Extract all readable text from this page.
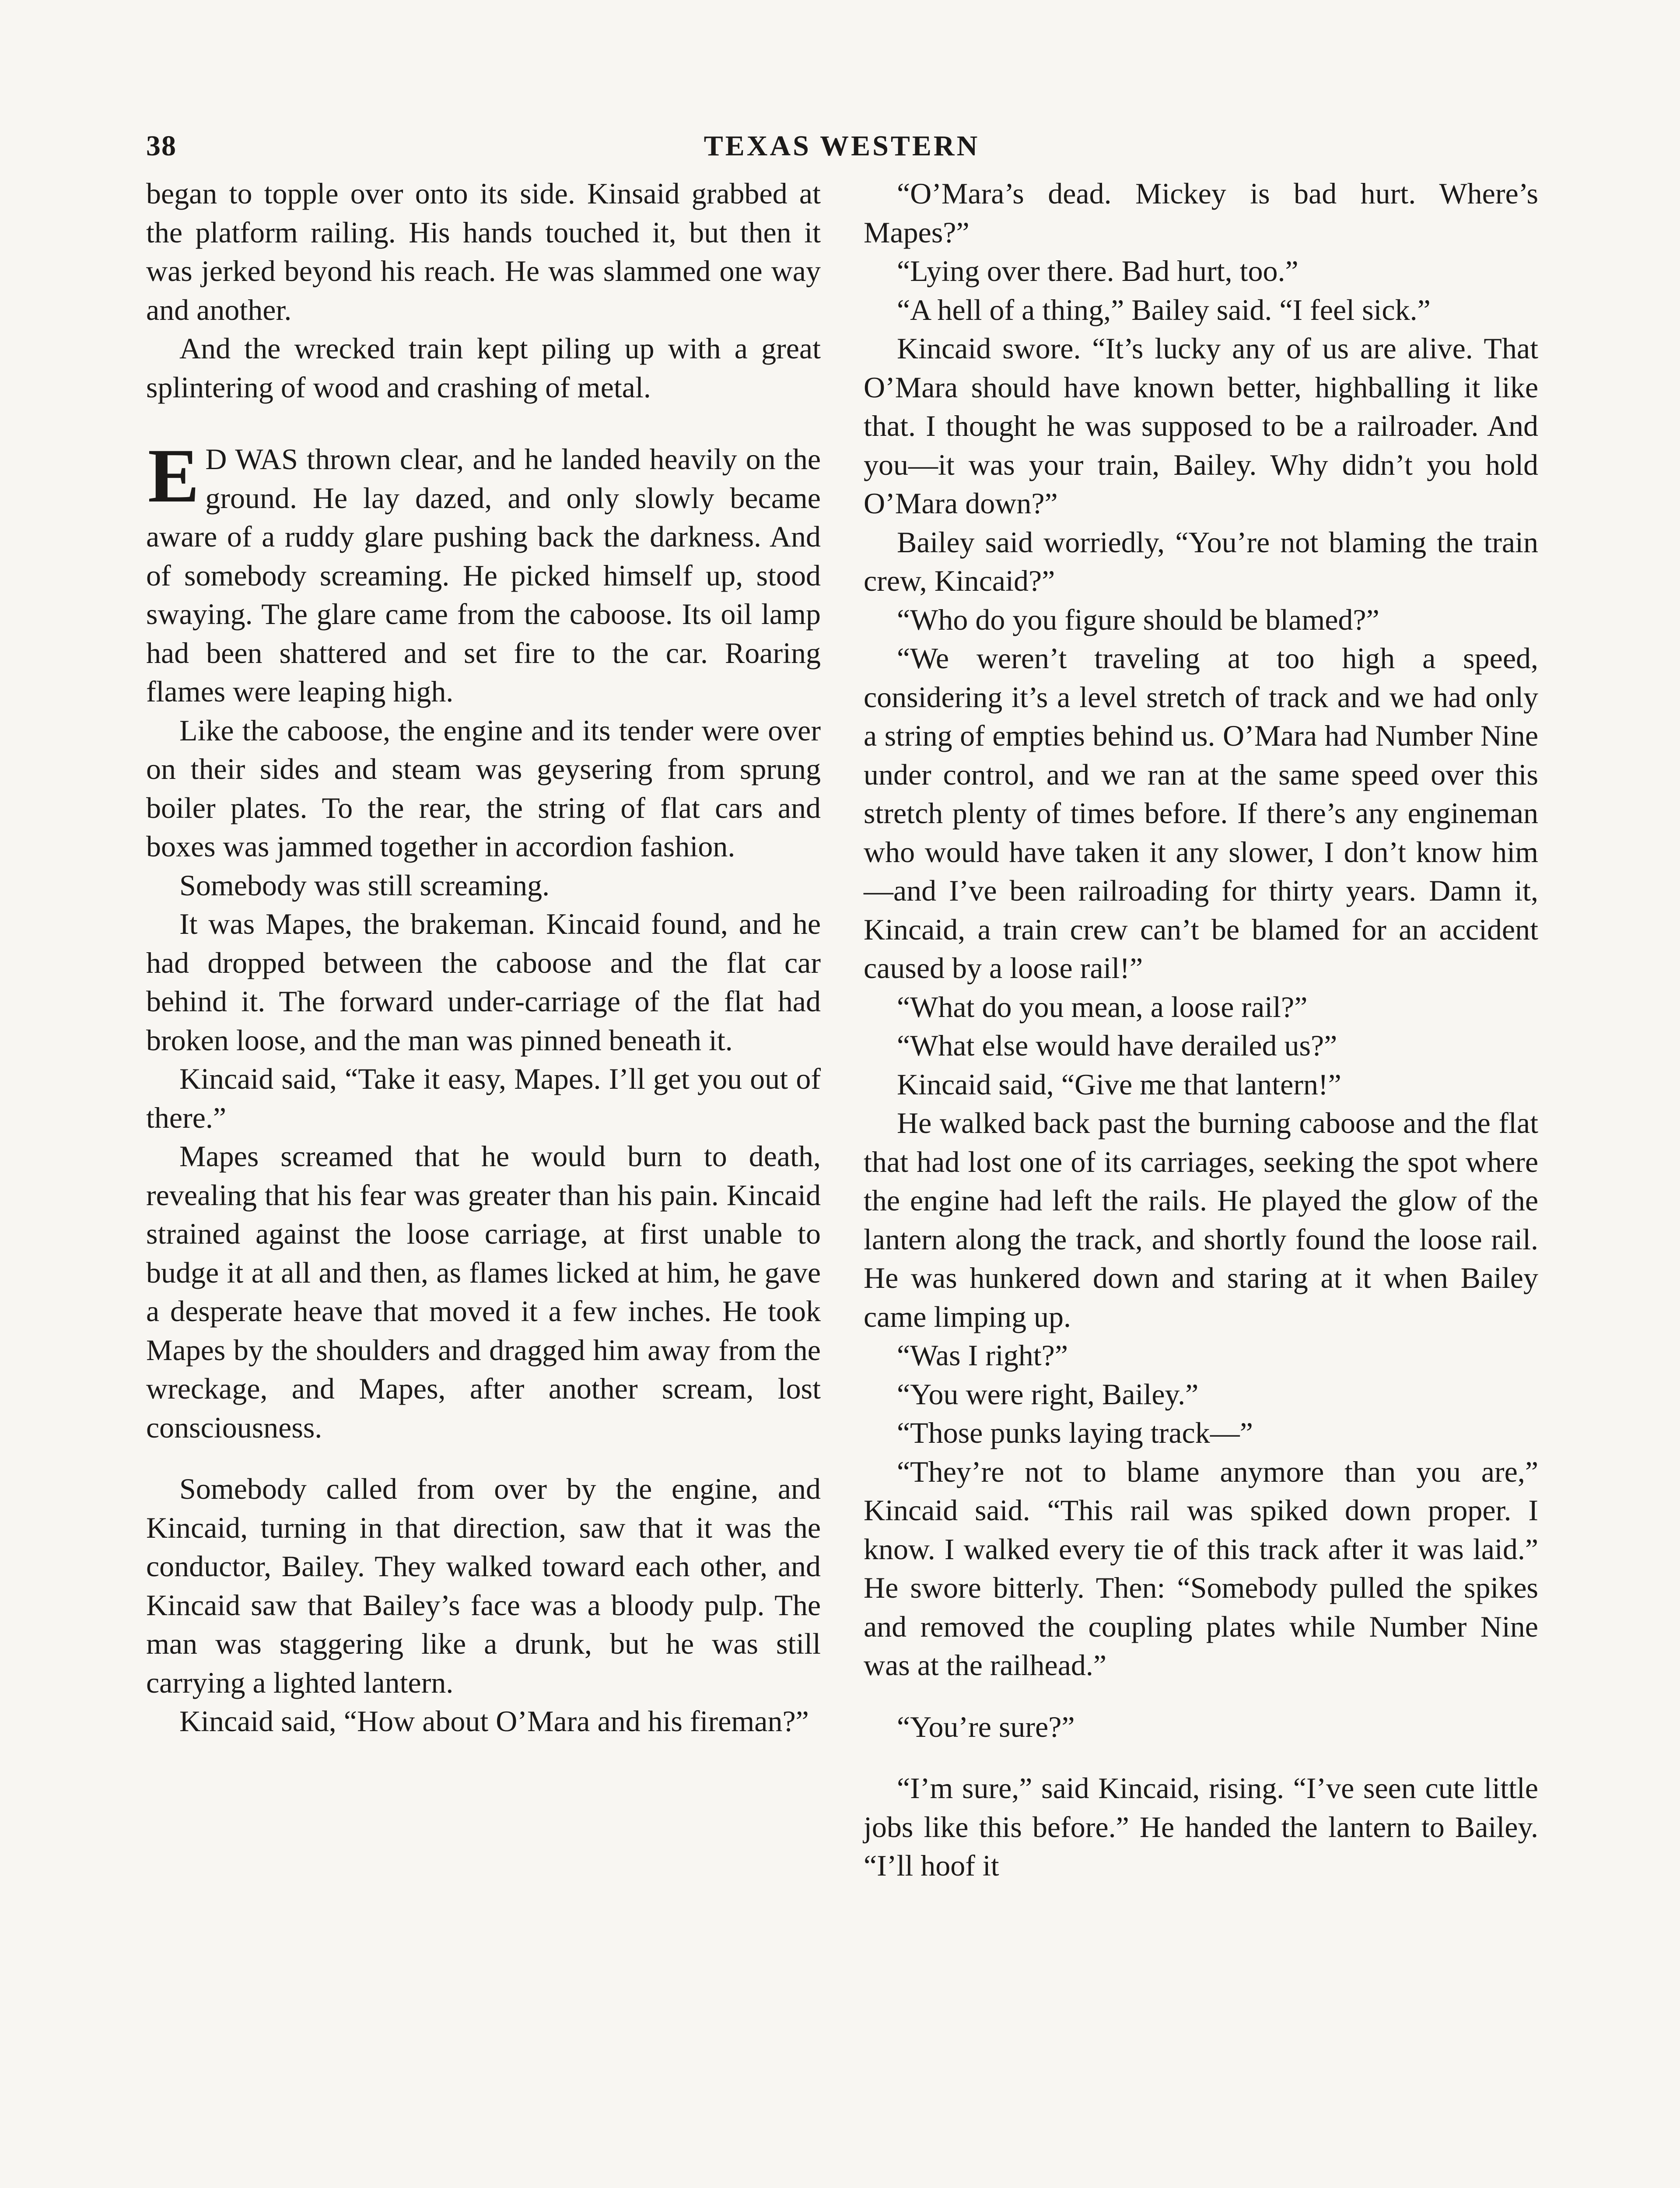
38	TEXAS WESTERN

began to topple over onto its side. Kinsaid grabbed at the platform railing. His hands touched it, but then it was jerked beyond his reach. He was slammed one way and another.

And the wrecked train kept piling up with a great splintering of wood and crashing of metal.

E D WAS thrown clear, and he landed heavily on the ground. He lay dazed, and only slowly became aware of a ruddy glare pushing back the darkness. And of somebody screaming. He picked himself up, stood swaying. The glare came from the caboose. Its oil lamp had been shattered and set fire to the car. Roaring flames were leaping high.

Like the caboose, the engine and its tender were over on their sides and steam was geysering from sprung boiler plates. To the rear, the string of flat cars and boxes was jammed together in accordion fashion.

Somebody was still screaming.

It was Mapes, the brakeman. Kincaid found, and he had dropped between the caboose and the flat car behind it. The forward under-carriage of the flat had broken loose, and the man was pinned beneath it.

Kincaid said, “Take it easy, Mapes. I’ll get you out of there.”

Mapes screamed that he would burn to death, revealing that his fear was greater than his pain. Kincaid strained against the loose carriage, at first unable to budge it at all and then, as flames licked at him, he gave a desperate heave that moved it a few inches. He took Mapes by the shoulders and dragged him away from the wreckage, and Mapes, after another scream, lost consciousness.

Somebody called from over by the engine, and Kincaid, turning in that direction, saw that it was the conductor, Bailey. They walked toward each other, and Kincaid saw that Bailey’s face was a bloody pulp. The man was staggering like a drunk, but he was still carrying a lighted lantern.

Kincaid said, “How about O’Mara and his fireman?”

“O’Mara’s dead. Mickey is bad hurt. Where’s Mapes?”

“Lying over there. Bad hurt, too.”

“A hell of a thing,” Bailey said. “I feel sick.”

Kincaid swore. “It’s lucky any of us are alive. That O’Mara should have known better, highballing it like that. I thought he was supposed to be a railroader. And you—it was your train, Bailey. Why didn’t you hold O’Mara down?”

Bailey said worriedly, “You’re not blaming the train crew, Kincaid?”

“Who do you figure should be blamed?”

“We weren’t traveling at too high a speed, considering it’s a level stretch of track and we had only a string of empties behind us. O’Mara had Number Nine under control, and we ran at the same speed over this stretch plenty of times before. If there’s any engineman who would have taken it any slower, I don’t know him—and I’ve been railroading for thirty years. Damn it, Kincaid, a train crew can’t be blamed for an accident caused by a loose rail!”

“What do you mean, a loose rail?”

“What else would have derailed us?”

Kincaid said, “Give me that lantern!”

He walked back past the burning caboose and the flat that had lost one of its carriages, seeking the spot where the engine had left the rails. He played the glow of the lantern along the track, and shortly found the loose rail. He was hunkered down and staring at it when Bailey came limping up.

“Was I right?”

“You were right, Bailey.”

“Those punks laying track—”

“They’re not to blame anymore than you are,” Kincaid said. “This rail was spiked down proper. I know. I walked every tie of this track after it was laid.” He swore bitterly. Then: “Somebody pulled the spikes and removed the coupling plates while Number Nine was at the railhead.”

“You’re sure?”

“I’m sure,” said Kincaid, rising. “I’ve seen cute little jobs like this before.” He handed the lantern to Bailey. “I’ll hoof it
